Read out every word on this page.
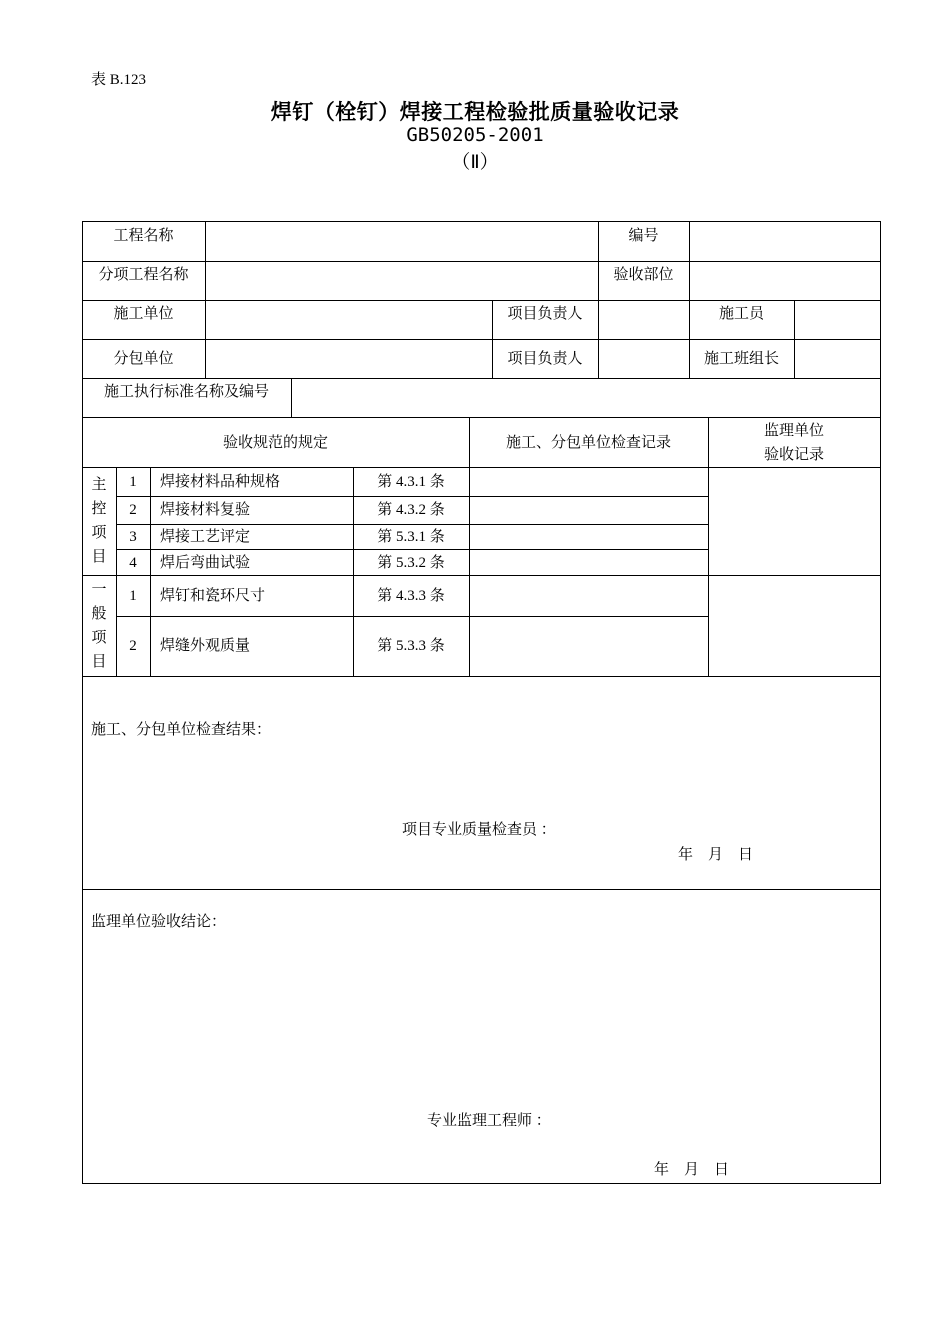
表 B.123
焊钉（栓钉）焊接工程检验批质量验收记录
GB50205-2001
（Ⅱ）
工程名称	编号
分项工程名称	验收部位
施工单位	项目负责人	施工员
分包单位	项目负责人	施工班组长
施工执行标准名称及编号
验收规范的规定	施工、分包单位检查记录
监理单位
验收记录
主
控
项
目
1	焊接材料品种规格	第 4.3.1 条
2	焊接材料复验	第 4.3.2 条
3	焊接工艺评定	第 5.3.1 条
4	焊后弯曲试验	第 5.3.2 条
一
般
项
目
1	焊钉和瓷环尺寸	第 4.3.3 条
2	焊缝外观质量	第 5.3.3 条
施工、分包单位检查结果：
项目专业质量检查员 ：
年　月　日
监理单位验收结论：
专业监理工程师 ：
年　月　日
